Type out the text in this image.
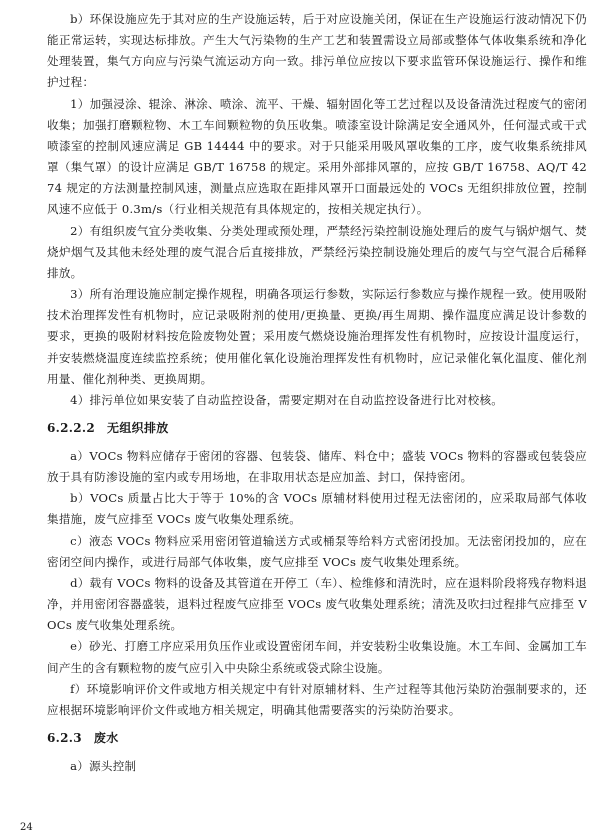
b）环保设施应先于其对应的生产设施运转，后于对应设施关闭，保证在生产设施运行波动情况下仍能正常运转，实现达标排放。产生大气污染物的生产工艺和装置需设立局部或整体气体收集系统和净化处理装置，集气方向应与污染气流运动方向一致。排污单位应按以下要求监管环保设施运行、操作和维护过程：

1）加强浸涂、辊涂、淋涂、喷涂、流平、干燥、辐射固化等工艺过程以及设备清洗过程废气的密闭收集；加强打磨颗粒物、木工车间颗粒物的负压收集。喷漆室设计除满足安全通风外，任何湿式或干式喷漆室的控制风速应满足 GB 14444 中的要求。对于只能采用吸风罩收集的工序，废气收集系统排风罩（集气罩）的设计应满足 GB/T 16758 的规定。采用外部排风罩的，应按 GB/T 16758、AQ/T 4274 规定的方法测量控制风速，测量点应选取在距排风罩开口面最远处的 VOCs 无组织排放位置，控制风速不应低于 0.3m/s（行业相关规范有具体规定的，按相关规定执行）。

2）有组织废气宜分类收集、分类处理或预处理，严禁经污染控制设施处理后的废气与锅炉烟气、焚烧炉烟气及其他未经处理的废气混合后直接排放，严禁经污染控制设施处理后的废气与空气混合后稀释排放。

3）所有治理设施应制定操作规程，明确各项运行参数，实际运行参数应与操作规程一致。使用吸附技术治理挥发性有机物时，应记录吸附剂的使用/更换量、更换/再生周期、操作温度应满足设计参数的要求，更换的吸附材料按危险废物处置；采用废气燃烧设施治理挥发性有机物时，应按设计温度运行，并安装燃烧温度连续监控系统；使用催化氧化设施治理挥发性有机物时，应记录催化氧化温度、催化剂用量、催化剂种类、更换周期。

4）排污单位如果安装了自动监控设备，需要定期对在自动监控设备进行比对校核。

6.2.2.2 无组织排放

a）VOCs 物料应储存于密闭的容器、包装袋、储库、料仓中；盛装 VOCs 物料的容器或包装袋应放于具有防渗设施的室内或专用场地，在非取用状态是应加盖、封口，保持密闭。

b）VOCs 质量占比大于等于 10%的含 VOCs 原辅材料使用过程无法密闭的，应采取局部气体收集措施，废气应排至 VOCs 废气收集处理系统。

c）液态 VOCs 物料应采用密闭管道输送方式或桶泵等给料方式密闭投加。无法密闭投加的，应在密闭空间内操作，或进行局部气体收集，废气应排至 VOCs 废气收集处理系统。

d）载有 VOCs 物料的设备及其管道在开停工（车）、检维修和清洗时，应在退料阶段将残存物料退净，并用密闭容器盛装，退料过程废气应排至 VOCs 废气收集处理系统；清洗及吹扫过程排气应排至 VOCs 废气收集处理系统。

e）砂光、打磨工序应采用负压作业或设置密闭车间，并安装粉尘收集设施。木工车间、金属加工车间产生的含有颗粒物的废气应引入中央除尘系统或袋式除尘设施。

f）环境影响评价文件或地方相关规定中有针对原辅材料、生产过程等其他污染防治强制要求的，还应根据环境影响评价文件或地方相关规定，明确其他需要落实的污染防治要求。

6.2.3 废水

a）源头控制

24
